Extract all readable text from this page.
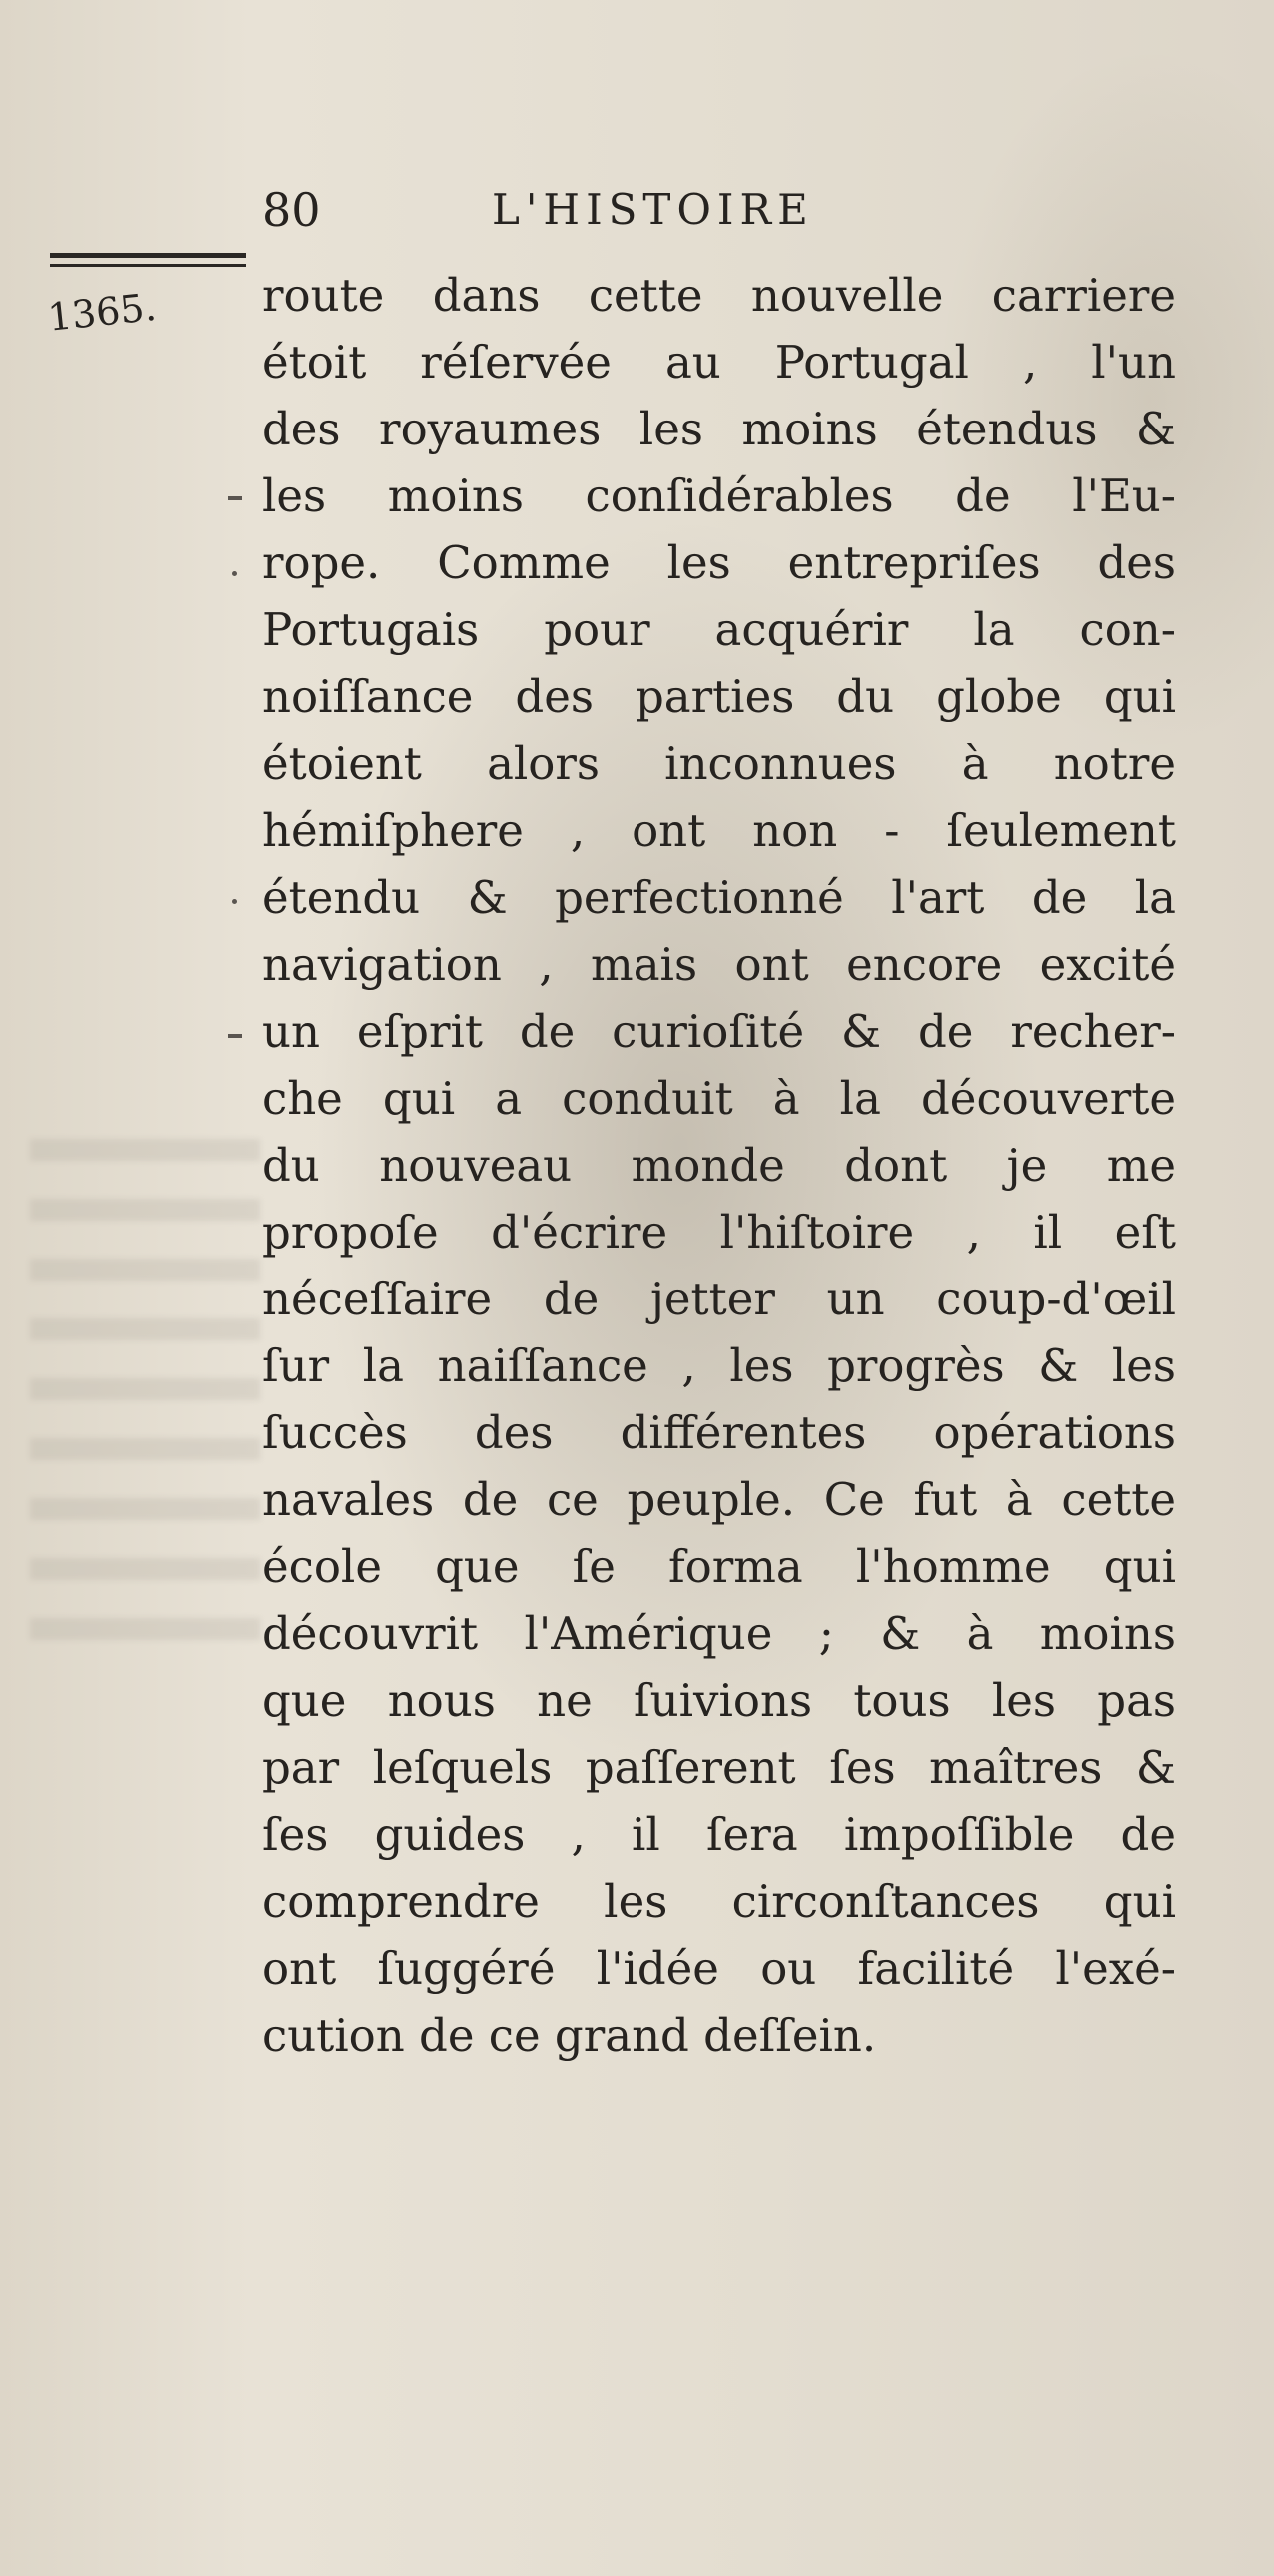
80	L'HISTOIRE
1365. route dans cette nouvelle carriere
étoit réſervée au Portugal , l'un
des royaumes les moins étendus &
les moins conſidérables de l'Eu-
rope. Comme les entrepriſes des
Portugais pour acquérir la con-
noiſſance des parties du globe qui
étoient alors inconnues à notre
hémiſphere , ont non - ſeulement
étendu & perfectionné l'art de la
navigation , mais ont encore excité
un eſprit de curioſité & de recher-
che qui a conduit à la découverte
du nouveau monde dont je me
propoſe d'écrire l'hiſtoire , il eſt
néceſſaire de jetter un coup-d'œil
ſur la naiſſance , les progrès & les
ſuccès des différentes opérations
navales de ce peuple. Ce fut à cette
école que ſe forma l'homme qui
découvrit l'Amérique ; & à moins
que nous ne ſuivions tous les pas
par leſquels paſſerent ſes maîtres &
ſes guides , il ſera impoſſible de
comprendre les circonſtances qui
ont ſuggéré l'idée ou facilité l'exé-
cution de ce grand deſſein.
